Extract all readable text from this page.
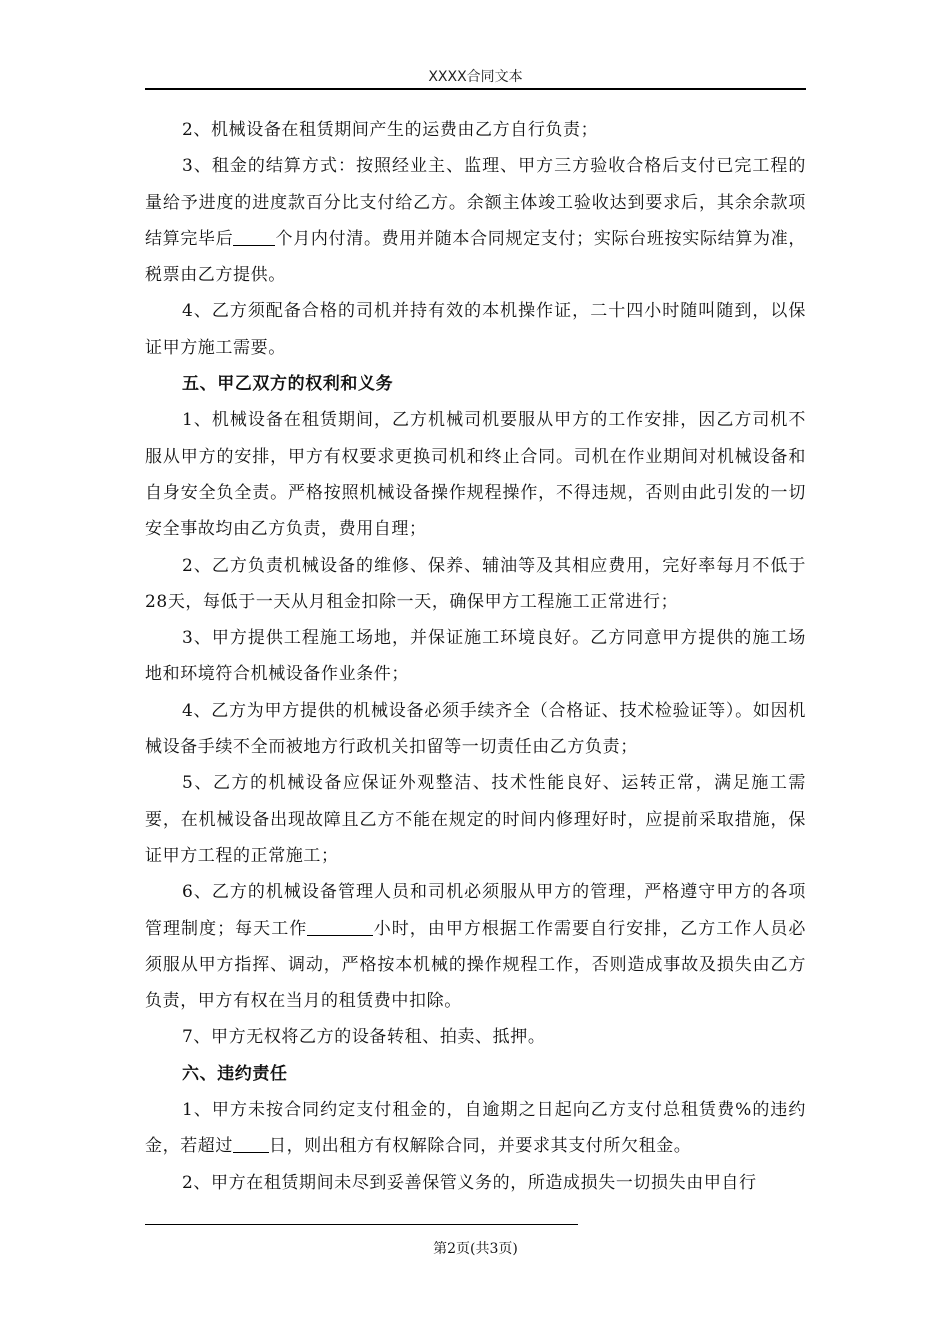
XXXX合同文本

2、机械设备在租赁期间产生的运费由乙方自行负责；

3、租金的结算方式：按照经业主、监理、甲方三方验收合格后支付已完工程的量给予进度的进度款百分比支付给乙方。余额主体竣工验收达到要求后，其余余款项结算完毕后 个月内付清。费用并随本合同规定支付；实际台班按实际结算为准，税票由乙方提供。

4、乙方须配备合格的司机并持有效的本机操作证，二十四小时随叫随到，以保证甲方施工需要。

五、甲乙双方的权利和义务

1、机械设备在租赁期间，乙方机械司机要服从甲方的工作安排，因乙方司机不服从甲方的安排，甲方有权要求更换司机和终止合同。司机在作业期间对机械设备和自身安全负全责。严格按照机械设备操作规程操作，不得违规，否则由此引发的一切安全事故均由乙方负责，费用自理；

2、乙方负责机械设备的维修、保养、辅油等及其相应费用，完好率每月不低于28天，每低于一天从月租金扣除一天，确保甲方工程施工正常进行；

3、甲方提供工程施工场地，并保证施工环境良好。乙方同意甲方提供的施工场地和环境符合机械设备作业条件；

4、乙方为甲方提供的机械设备必须手续齐全（合格证、技术检验证等）。如因机械设备手续不全而被地方行政机关扣留等一切责任由乙方负责；

5、乙方的机械设备应保证外观整洁、技术性能良好、运转正常，满足施工需要，在机械设备出现故障且乙方不能在规定的时间内修理好时，应提前采取措施，保证甲方工程的正常施工；

6、乙方的机械设备管理人员和司机必须服从甲方的管理，严格遵守甲方的各项管理制度；每天工作	小时，由甲方根据工作需要自行安排，乙方工作人员必须服从甲方指挥、调动，严格按本机械的操作规程工作，否则造成事故及损失由乙方负责，甲方有权在当月的租赁费中扣除。

7、甲方无权将乙方的设备转租、拍卖、抵押。

六、违约责任

1、甲方未按合同约定支付租金的，自逾期之日起向乙方支付总租赁费%的违约金，若超过 日，则出租方有权解除合同，并要求其支付所欠租金。

2、甲方在租赁期间未尽到妥善保管义务的，所造成损失一切损失由甲自行

第2页(共3页)
